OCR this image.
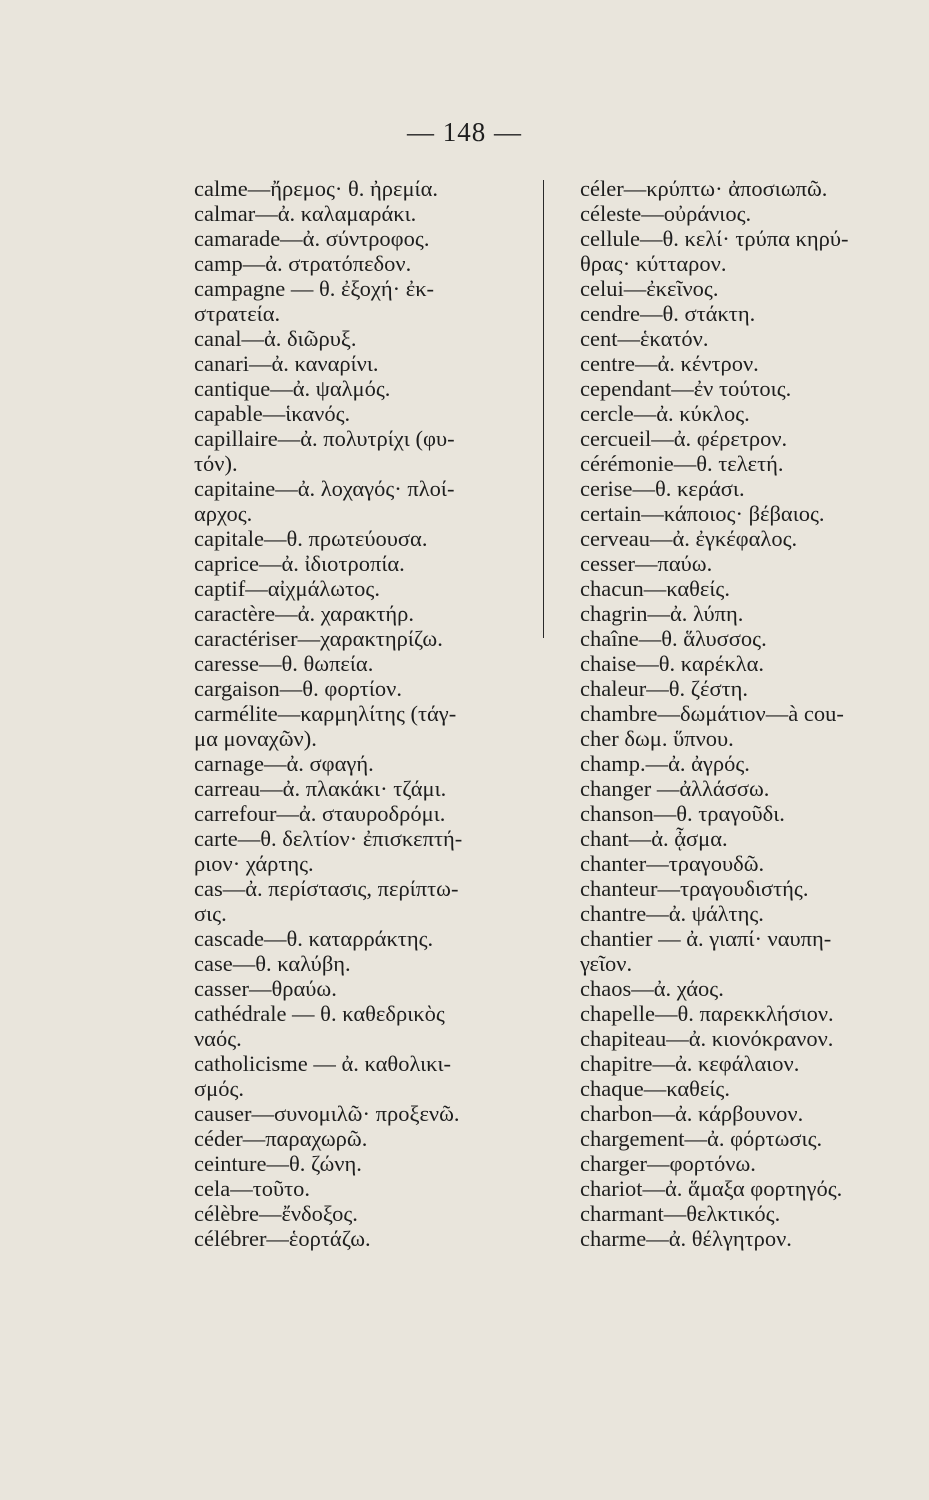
— 148 —
calme—ἤρεμος· θ. ἠρεμία.
calmar—ἀ. καλαμαράκι.
camarade—ἀ. σύντροφος.
camp—ἀ. στρατόπεδον.
campagne — θ. ἐξοχή· ἐκ-
στρατεία.
canal—ἀ. διῶρυξ.
canari—ἀ. καναρίνι.
cantique—ἀ. ψαλμός.
capable—ἱκανός.
capillaire—ἀ. πολυτρίχι (φυ-
τόν).
capitaine—ἀ. λοχαγός· πλοί-
αρχος.
capitale—θ. πρωτεύουσα.
caprice—ἀ. ἰδιοτροπία.
captif—αἰχμάλωτος.
caractère—ἀ. χαρακτήρ.
caractériser—χαρακτηρίζω.
caresse—θ. θωπεία.
cargaison—θ. φορτίον.
carmélite—καρμηλίτης (τάγ-
μα μοναχῶν).
carnage—ἀ. σφαγή.
carreau—ἀ. πλακάκι· τζάμι.
carrefour—ἀ. σταυροδρόμι.
carte—θ. δελτίον· ἐπισκεπτή-
ριον· χάρτης.
cas—ἀ. περίστασις, περίπτω-
σις.
cascade—θ. καταρράκτης.
case—θ. καλύβη.
casser—θραύω.
cathédrale — θ. καθεδρικὸς
ναός.
catholicisme — ἀ. καθολικι-
σμός.
causer—συνομιλῶ· προξενῶ.
céder—παραχωρῶ.
ceinture—θ. ζώνη.
cela—τοῦτο.
célèbre—ἔνδοξος.
célébrer—ἑορτάζω.
céler—κρύπτω· ἀποσιωπῶ.
céleste—οὐράνιος.
cellule—θ. κελί· τρύπα κηρύ-
θρας· κύτταρον.
celui—ἐκεῖνος.
cendre—θ. στάκτη.
cent—ἑκατόν.
centre—ἀ. κέντρον.
cependant—ἐν τούτοις.
cercle—ἀ. κύκλος.
cercueil—ἀ. φέρετρον.
cérémonie—θ. τελετή.
cerise—θ. κεράσι.
certain—κάποιος· βέβαιος.
cerveau—ἀ. ἐγκέφαλος.
cesser—παύω.
chacun—καθείς.
chagrin—ἀ. λύπη.
chaîne—θ. ἅλυσσος.
chaise—θ. καρέκλα.
chaleur—θ. ζέστη.
chambre—δωμάτιον—à cou-
cher δωμ. ὕπνου.
champ.—ἀ. ἀγρός.
changer —ἀλλάσσω.
chanson—θ. τραγοῦδι.
chant—ἀ. ᾆσμα.
chanter—τραγουδῶ.
chanteur—τραγουδιστής.
chantre—ἀ. ψάλτης.
chantier — ἀ. γιαπί· ναυπη-
γεῖον.
chaos—ἀ. χάος.
chapelle—θ. παρεκκλήσιον.
chapiteau—ἀ. κιονόκρανον.
chapitre—ἀ. κεφάλαιον.
chaque—καθείς.
charbon—ἀ. κάρβουνον.
chargement—ἀ. φόρτωσις.
charger—φορτόνω.
chariot—ἀ. ἅμαξα φορτηγός.
charmant—θελκτικός.
charme—ἀ. θέλγητρον.
